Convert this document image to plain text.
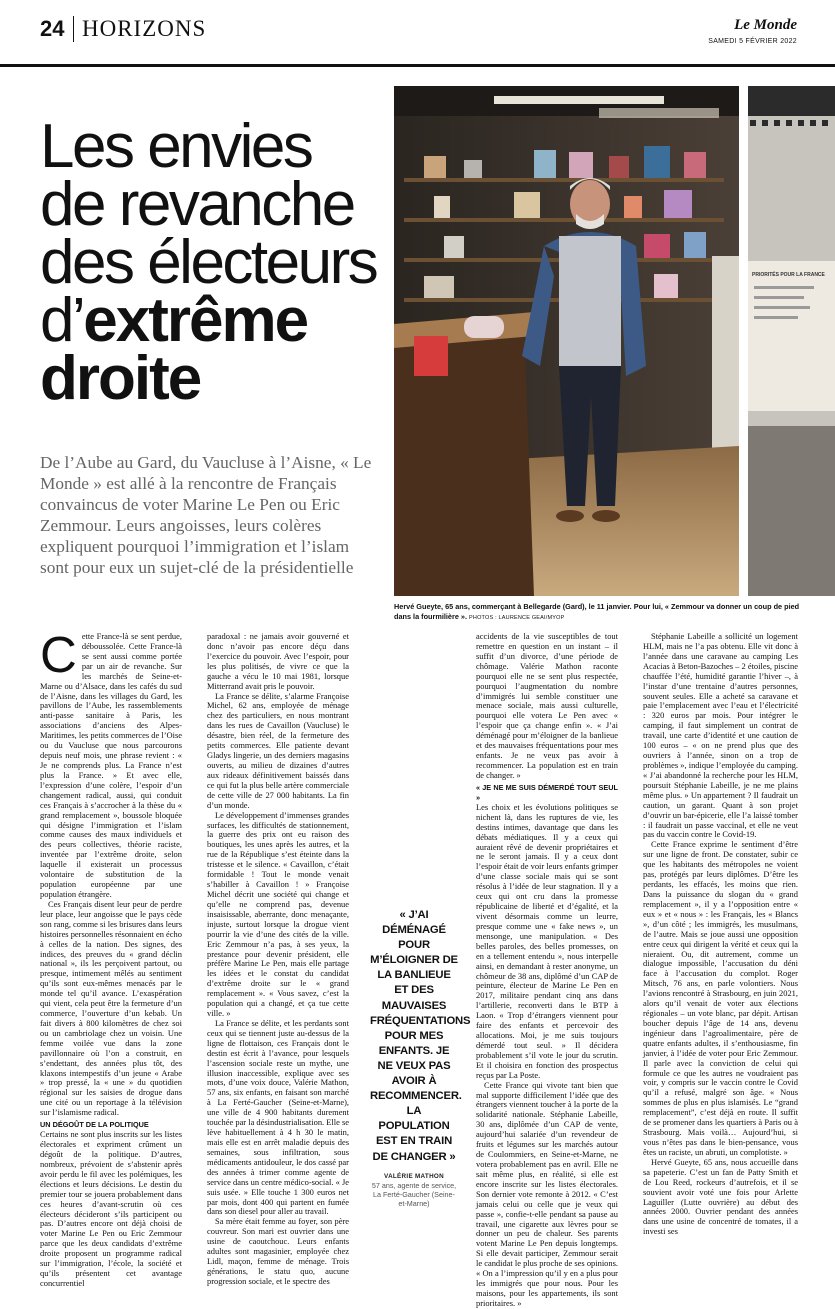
24 HORIZONS	Le Monde
SAMEDI 5 FÉVRIER 2022
Les envies
de revanche
des électeurs
d’extrême
droite

De l’Aube au Gard, du Vaucluse à l’Aisne, « Le Monde » est allé à la rencontre de Français convaincus de voter Marine Le Pen ou Eric Zemmour. Leurs angoisses, leurs colères expliquent pourquoi l’immigration et l’islam sont pour eux un sujet-clé de la présidentielle

PRIORITÉS POUR LA FRANCE

Hervé Gueyte, 65 ans, commerçant à Bellegarde (Gard), le 11 janvier. Pour lui, « Zemmour va donner un coup de pied dans la fourmilière ». PHOTOS : LAURENCE GEAI/MYOP

Cette France-là se sent perdue, déboussolée. Cette France-là se sent aussi comme portée par un air de revanche. Sur les marchés de Seine-et-Marne ou d’Alsace, dans les cafés du sud de l’Aisne, dans les villages du Gard, les pavillons de l’Aube, les rassemblements anti-passe sanitaire à Paris, les associations d’anciens des Alpes-Maritimes, les petits commerces de l’Oise ou du Vaucluse que nous parcourons depuis neuf mois, une phrase revient : « Je ne comprends plus. La France n’est plus la France. » Et avec elle, l’expression d’une colère, l’espoir d’un changement radical, aussi, qui conduit ces Français à s’accrocher à la thèse du « grand remplacement », boussole bloquée qui désigne l’immigration et l’islam comme causes des maux individuels et des peurs collectives, théorie raciste, inventée par l’extrême droite, selon laquelle il existerait un processus volontaire de substitution de la population européenne par une population étrangère.

Ces Français disent leur peur de perdre leur place, leur angoisse que le pays cède son rang, comme si les brisures dans leurs histoires personnelles résonnaient en écho à celles de la nation. Des signes, des indices, des preuves du « grand déclin national », ils les perçoivent partout, ou presque, intimement mêlés au sentiment qu’ils sont eux-mêmes menacés par le monde tel qu’il avance. L’exaspération qui vient, cela peut être la fermeture d’un commerce, l’ouverture d’un kebab. Un fait divers à 800 kilomètres de chez soi ou un cambriolage chez un voisin. Une femme voilée vue dans la zone pavillonnaire où l’on a construit, en s’endettant, des années plus tôt, des klaxons intempestifs d’un jeune « Arabe » trop pressé, la « une » du quotidien régional sur les saisies de drogue dans une cité ou un reportage à la télévision sur l’islamisme radical.

UN DÉGOÛT DE LA POLITIQUE

Certains ne sont plus inscrits sur les listes électorales et expriment crûment un dégoût de la politique. D’autres, nombreux, prévoient de s’abstenir après avoir perdu le fil avec les polémiques, les élections et leurs décisions. Le destin du premier tour se jouera probablement dans ces heures d’avant-scrutin où ces électeurs décideront s’ils participent ou pas. D’autres encore ont déjà choisi de voter Marine Le Pen ou Eric Zemmour parce que les deux candidats d’extrême droite proposent un programme radical sur l’immigration, l’école, la société et qu’ils présentent cet avantage concurrentiel

paradoxal : ne jamais avoir gouverné et donc n’avoir pas encore déçu dans l’exercice du pouvoir. Avec l’espoir, pour les plus politisés, de vivre ce que la gauche a vécu le 10 mai 1981, lorsque Mitterrand avait pris le pouvoir.

La France se délite, s’alarme Françoise Michel, 62 ans, employée de ménage chez des particuliers, en nous montrant dans les rues de Cavaillon (Vaucluse) le désastre, bien réel, de la fermeture des petits commerces. Elle patiente devant Gladys lingerie, un des derniers magasins ouverts, au milieu de dizaines d’autres aux rideaux définitivement baissés dans ce qui fut la plus belle artère commerciale de cette ville de 27 000 habitants. La fin d’un monde.

Le développement d’immenses grandes surfaces, les difficultés de stationnement, la guerre des prix ont eu raison des boutiques, les unes après les autres, et la rue de la République s’est éteinte dans la tristesse et le silence. « Cavaillon, c’était formidable ! Tout le monde venait s’habiller à Cavaillon ! » Françoise Michel décrit une société qui change et qu’elle ne comprend pas, devenue insaisissable, aberrante, donc menaçante, injuste, surtout lorsque la drogue vient pourrir la vie d’une des cités de la ville. Eric Zemmour n’a pas, à ses yeux, la prestance pour devenir président, elle préfère Marine Le Pen, mais elle partage les idées et le constat du candidat d’extrême droite sur le « grand remplacement ». « Vous savez, c’est la population qui a changé, et ça tue cette ville. »

La France se délite, et les perdants sont ceux qui se tiennent juste au-dessus de la ligne de flottaison, ces Français dont le destin est écrit à l’avance, pour lesquels l’ascension sociale reste un mythe, une illusion inaccessible, explique avec ses mots, d’une voix douce, Valérie Mathon, 57 ans, six enfants, en faisant son marché à La Ferté-Gaucher (Seine-et-Marne), une ville de 4 900 habitants durement touchée par la désindustrialisation. Elle se lève habituellement à 4 h 30 le matin, mais elle est en arrêt maladie depuis des semaines, sous infiltration, sous médicaments antidouleur, le dos cassé par des années à trimer comme agente de service dans un centre médico-social. « Je suis usée. » Elle touche 1 300 euros net par mois, dont 400 qui partent en fumée dans son diesel pour aller au travail.

Sa mère était femme au foyer, son père couvreur. Son mari est ouvrier dans une usine de caoutchouc. Leurs enfants adultes sont magasinier, employée chez Lidl, maçon, femme de ménage. Trois générations, le statu quo, aucune progression sociale, et le spectre des

« J’AI DÉMÉNAGÉ POUR M’ÉLOIGNER DE LA BANLIEUE ET DES MAUVAISES FRÉQUENTATIONS POUR MES ENFANTS. JE NE VEUX PAS AVOIR À RECOMMENCER. LA POPULATION EST EN TRAIN DE CHANGER »

VALÉRIE MATHON
57 ans, agente de service, La Ferté-Gaucher (Seine-et-Marne)

accidents de la vie susceptibles de tout remettre en question en un instant – il suffit d’un divorce, d’une période de chômage. Valérie Mathon raconte pourquoi elle ne se sent plus respectée, pourquoi l’augmentation du nombre d’immigrés lui semble constituer une menace sociale, mais aussi culturelle, pourquoi elle votera Le Pen avec « l’espoir que ça change enfin ». « J’ai déménagé pour m’éloigner de la banlieue et des mauvaises fréquentations pour mes enfants. Je ne veux pas avoir à recommencer. La population est en train de changer. »

« JE NE ME SUIS DÉMERDÉ TOUT SEUL »

Les choix et les évolutions politiques se nichent là, dans les ruptures de vie, les destins intimes, davantage que dans les débats médiatiques. Il y a ceux qui auraient rêvé de devenir propriétaires et ne le seront jamais. Il y a ceux dont l’espoir était de voir leurs enfants grimper d’une classe sociale mais qui se sont résolus à l’idée de leur stagnation. Il y a ceux qui ont cru dans la promesse républicaine de liberté et d’égalité, et la vivent désormais comme un leurre, presque comme une « fake news », un mensonge, une manipulation. « Des belles paroles, des belles promesses, on en a tellement entendu », nous interpelle ainsi, en demandant à rester anonyme, un chômeur de 38 ans, diplômé d’un CAP de peinture, électeur de Marine Le Pen en 2017, militaire pendant cinq ans dans l’artillerie, reconverti dans le BTP à Laon. « Trop d’étrangers viennent pour faire des enfants et percevoir des allocations. Moi, je me suis toujours démerdé tout seul. » Il décidera probablement s’il vote le jour du scrutin. Et il choisira en fonction des prospectus reçus par La Poste.

Cette France qui vivote tant bien que mal supporte difficilement l’idée que des étrangers viennent toucher à la porte de la solidarité nationale. Stéphanie Labeille, 30 ans, diplômée d’un CAP de vente, aujourd’hui salariée d’un revendeur de fruits et légumes sur les marchés autour de Coulommiers, en Seine-et-Marne, ne votera probablement pas en avril. Elle ne sait même plus, en réalité, si elle est encore inscrite sur les listes électorales. Son dernier vote remonte à 2012. « C’est jamais celui ou celle que je veux qui passe », confie-t-elle pendant sa pause au travail, une cigarette aux lèvres pour se donner un peu de chaleur. Ses parents votent Marine Le Pen depuis longtemps. Si elle devait participer, Zemmour serait le candidat le plus proche de ses opinions. « On a l’impression qu’il y en a plus pour les immigrés que pour nous. Pour les maisons, pour les appartements, ils sont prioritaires. »

Stéphanie Labeille a sollicité un logement HLM, mais ne l’a pas obtenu. Elle vit donc à l’année dans une caravane au camping Les Acacias à Beton-Bazoches – 2 étoiles, piscine chauffée l’été, humidité garantie l’hiver –, à l’instar d’une trentaine d’autres personnes, souvent seules. Elle a acheté sa caravane et paie l’emplacement avec l’eau et l’électricité : 320 euros par mois. Pour intégrer le camping, il faut simplement un contrat de travail, une carte d’identité et une caution de 100 euros – « on ne prend plus que des ouvriers à l’année, sinon on a trop de problèmes », indique l’employée du camping. « J’ai abandonné la recherche pour les HLM, poursuit Stéphanie Labeille, je ne me plains même plus. » Un appartement ? Il faudrait un caution, un garant. Quant à son projet d’ouvrir un bar-épicerie, elle l’a laissé tomber : il faudrait un passe vaccinal, et elle ne veut pas du vaccin contre le Covid-19.

Cette France exprime le sentiment d’être sur une ligne de front. De constater, subir ce que les habitants des métropoles ne voient pas, protégés par leurs diplômes. D’être les perdants, les effacés, les moins que rien. Dans la puissance du slogan du « grand remplacement », il y a l’opposition entre « eux » et « nous » : les Français, les « Blancs », d’un côté ; les immigrés, les musulmans, de l’autre. Mais se joue aussi une opposition entre ceux qui dirigent la vérité et ceux qui la nieraient. Ou, dit autrement, comme un dialogue impossible, l’accusation du déni face à l’accusation du complot. Roger Mitsch, 76 ans, en parle volontiers. Nous l’avions rencontré à Strasbourg, en juin 2021, alors qu’il venait de voter aux élections régionales – un vote blanc, par dépit. Artisan boucher depuis l’âge de 14 ans, devenu ingénieur dans l’agroalimentaire, père de quatre enfants adultes, il s’enthousiasme, fin janvier, à l’idée de voter pour Eric Zemmour. Il parle avec la conviction de celui qui formule ce que les autres ne voudraient pas voir, y compris sur le vaccin contre le Covid qu’il a refusé, malgré son âge. « Nous sommes de plus en plus islamisés. Le “grand remplacement”, c’est déjà en route. Il suffit de se promener dans les quartiers à Paris ou à Strasbourg. Mais voilà… Aujourd’hui, si vous n’êtes pas dans le bien-pensance, vous êtes un raciste, un abruti, un complotiste. »

Hervé Gueyte, 65 ans, nous accueille dans sa papeterie. C’est un fan de Patty Smith et de Lou Reed, rockeurs d’autrefois, et il se souvient avoir voté une fois pour Arlette Laguiller (Lutte ouvrière) au début des années 2000. Ouvrier pendant des années dans une usine de concentré de tomates, il a investi ses
